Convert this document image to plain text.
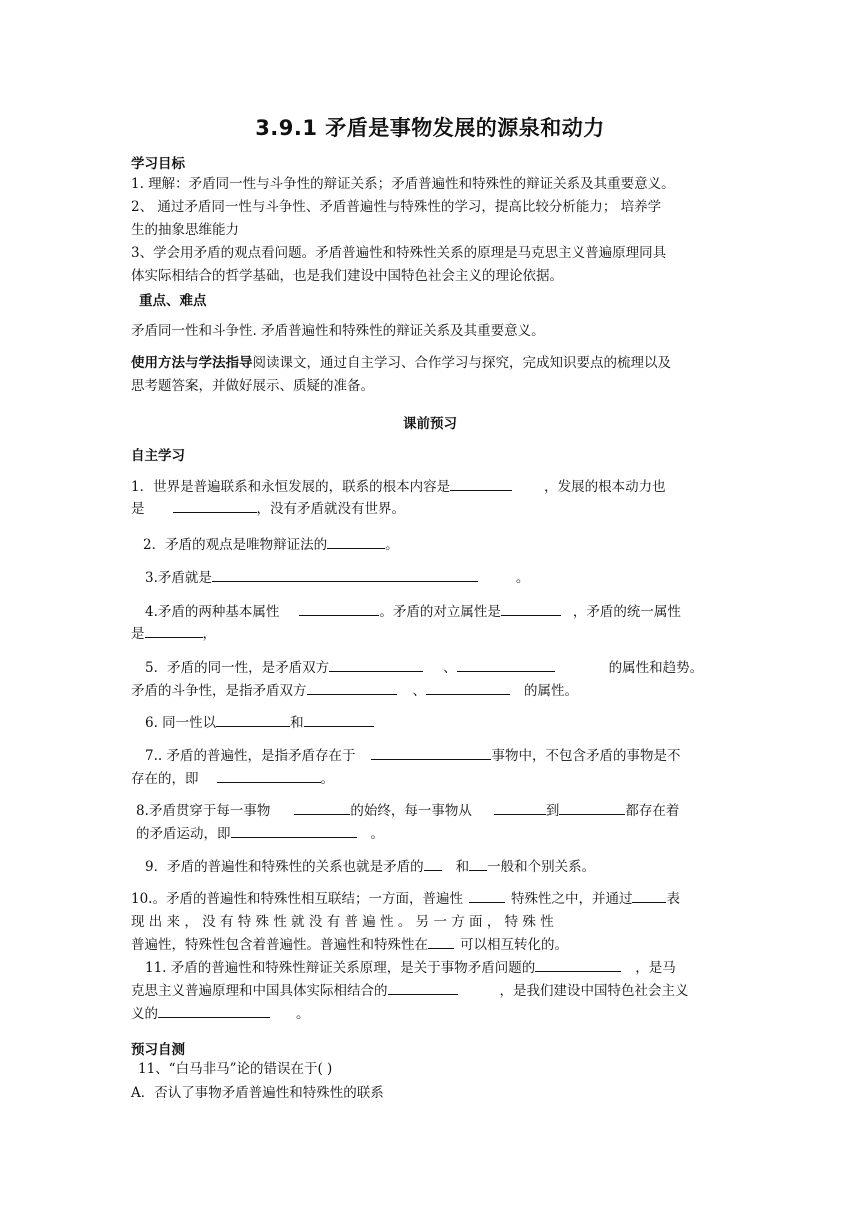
3.9.1 矛盾是事物发展的源泉和动力
学习目标
1. 理解：矛盾同一性与斗争性的辩证关系；矛盾普遍性和特殊性的辩证关系及其重要意义。
2、 通过矛盾同一性与斗争性、矛盾普遍性与特殊性的学习，提高比较分析能力； 培养学
生的抽象思维能力
3、学会用矛盾的观点看问题。矛盾普遍性和特殊性关系的原理是马克思主义普遍原理同具
体实际相结合的哲学基础，也是我们建设中国特色社会主义的理论依据。
重点、难点
矛盾同一性和斗争性. 矛盾普遍性和特殊性的辩证关系及其重要意义。
使用方法与学法指导阅读课文，通过自主学习、合作学习与探究，完成知识要点的梳理以及
思考题答案，并做好展示、质疑的准备。
课前预习
自主学习
1．世界是普遍联系和永恒发展的，联系的根本内容是	，发展的根本动力也
是	，没有矛盾就没有世界。
2．矛盾的观点是唯物辩证法的	。
3.矛盾就是	。
4.矛盾的两种基本属性	。矛盾的对立属性是	，矛盾的统一属性
是	，
5．矛盾的同一性，是矛盾双方	、	的属性和趋势。
矛盾的斗争性，是指矛盾双方	、	的属性。
6. 同一性以	和
7.. 矛盾的普遍性，是指矛盾存在于	事物中，不包含矛盾的事物是不
存在的，即	。
8.矛盾贯穿于每一事物	的始终，每一事物从	到	都存在着
的矛盾运动，即	。
9．矛盾的普遍性和特殊性的关系也就是矛盾的 和 一般和个别关系。
10.。矛盾的普遍性和特殊性相互联结；一方面，普遍性	特殊性之中，并通过	表
现 出 来 ， 没 有 特 殊 性 就 没 有 普 遍 性 。 另 一 方 面 ， 特 殊 性
普遍性，特殊性包含着普遍性。普遍性和特殊性在 可以相互转化的。
11. 矛盾的普遍性和特殊性辩证关系原理，是关于事物矛盾问题的	，是马
克思主义普遍原理和中国具体实际相结合的	，是我们建设中国特色社会主义
义的	。
预习自测
11、“白马非马”论的错误在于( )
A．否认了事物矛盾普遍性和特殊性的联系
